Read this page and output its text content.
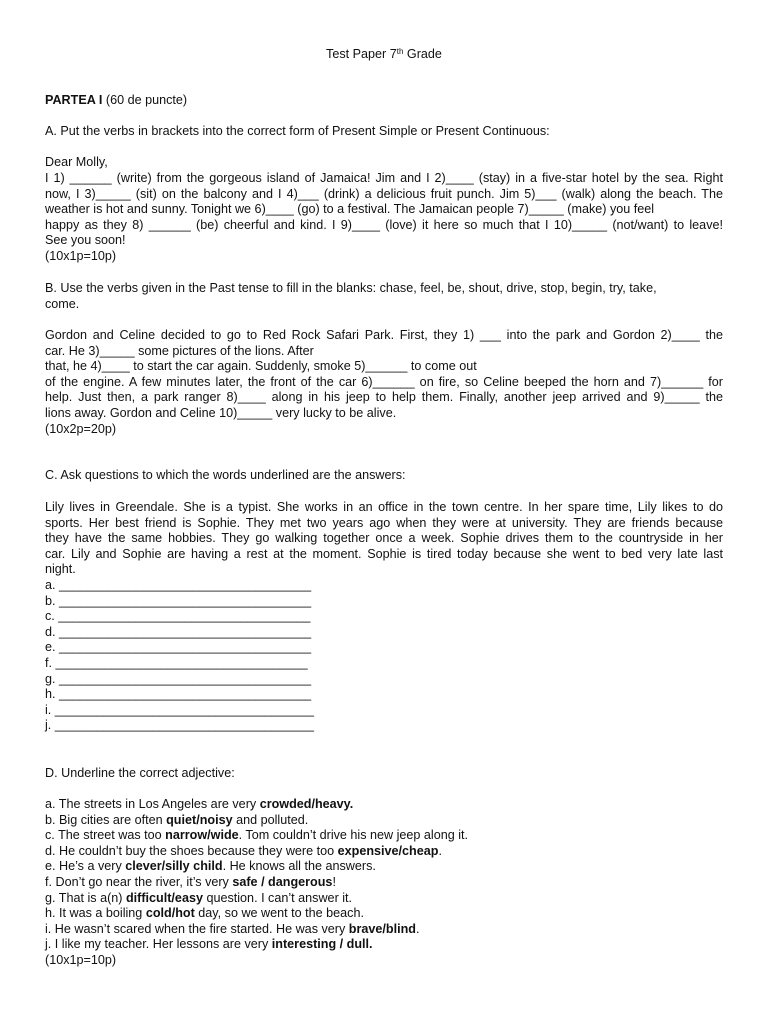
Test Paper 7th Grade
PARTEA I (60 de puncte)
A. Put the verbs in brackets into the correct form of Present Simple or Present Continuous:
Dear Molly,
I 1) ______ (write) from the gorgeous island of Jamaica! Jim and I 2)____ (stay) in a five-star hotel by the sea. Right
now, I 3)_____ (sit) on the balcony and I 4)___ (drink) a delicious fruit punch. Jim 5)___ (walk) along the beach. The
weather is hot and sunny. Tonight we 6)____ (go) to a festival. The Jamaican people 7)_____ (make) you feel
happy as they 8) ______ (be) cheerful and kind. I 9)____ (love) it here so much that I 10)_____ (not/want) to leave!
See you soon!
(10x1p=10p)
B. Use the verbs given in the Past tense to fill in the blanks: chase, feel, be, shout, drive, stop, begin, try, take,
come.
Gordon and Celine decided to go to Red Rock Safari Park. First, they 1) ___ into the park and Gordon 2)____ the
car. He 3)_____ some pictures of the lions. After
that, he 4)____ to start the car again. Suddenly, smoke 5)______ to come out
of the engine. A few minutes later, the front of the car 6)______ on fire, so Celine beeped the horn and 7)______ for
help. Just then, a park ranger 8)____ along in his jeep to help them. Finally, another jeep arrived and 9)_____ the
lions away. Gordon and Celine 10)_____ very lucky to be alive.
(10x2p=20p)
C. Ask questions to which the words underlined are the answers:
Lily lives in Greendale. She is a typist. She works in an office in the town centre. In her spare time, Lily likes to do
sports. Her best friend is Sophie. They met two years ago when they were at university. They are friends because
they have the same hobbies. They go walking together once a week. Sophie drives them to the countryside in her
car. Lily and Sophie are having a rest at the moment. Sophie is tired today because she went to bed very late last
night.
a. ____________________________________
b. ____________________________________
c. ____________________________________
d. ____________________________________
e. ____________________________________
f. ____________________________________
g. ____________________________________
h. ____________________________________
i. _____________________________________
j. _____________________________________
D. Underline the correct adjective:
a. The streets in Los Angeles are very crowded/heavy.
b. Big cities are often quiet/noisy and polluted.
c. The street was too narrow/wide. Tom couldn’t drive his new jeep along it.
d. He couldn’t buy the shoes because they were too expensive/cheap.
e. He’s a very clever/silly child. He knows all the answers.
f. Don’t go near the river, it’s very safe / dangerous!
g. That is a(n) difficult/easy question. I can’t answer it.
h. It was a boiling cold/hot day, so we went to the beach.
i. He wasn’t scared when the fire started. He was very brave/blind.
j. I like my teacher. Her lessons are very interesting / dull.
(10x1p=10p)
